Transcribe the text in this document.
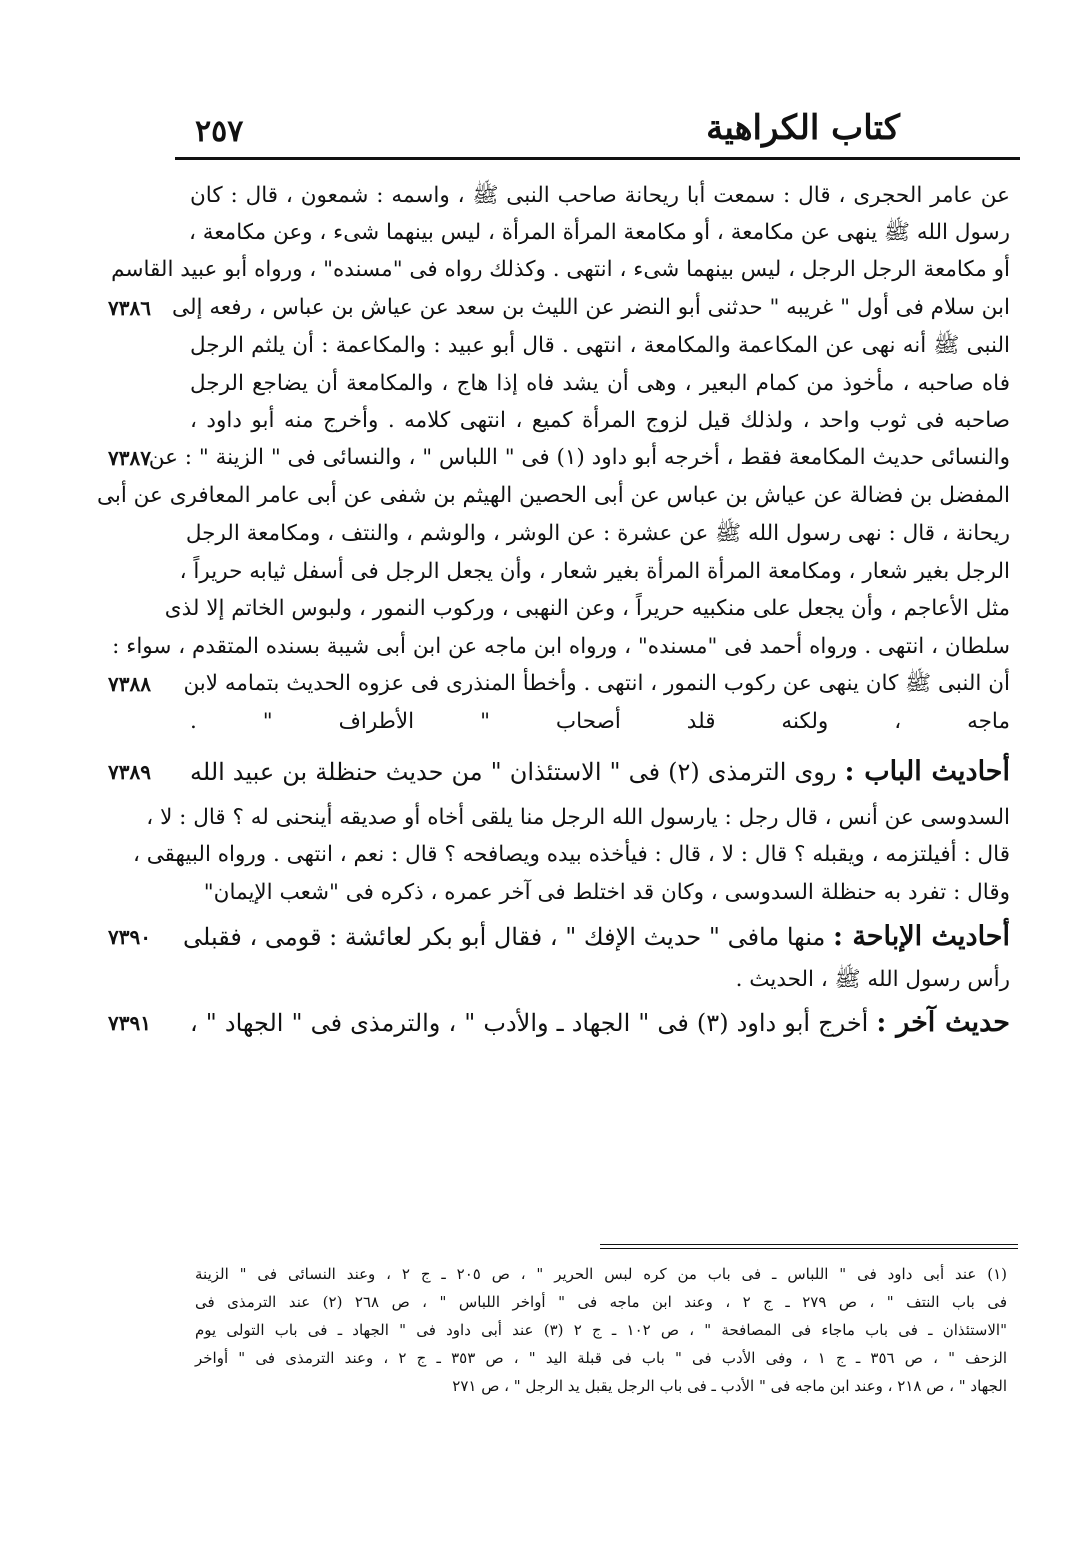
كتاب الكراهية
٢٥٧
عن عامر الحجرى ، قال : سمعت أبا ريحانة صاحب النبى ﷺ ، واسمه : شمعون ، قال : كان
رسول الله ﷺ ينهى عن مكامعة ، أو مكامعة المرأة المرأة ، ليس بينهما شىء ، وعن مكامعة ،
أو مكامعة الرجل الرجل ، ليس بينهما شىء ، انتهى . وكذلك رواه فى "مسنده" ، ورواه أبو عبيد القاسم
ابن سلام فى أول " غريبه " حدثنى أبو النضر عن الليث بن سعد عن عياش بن عباس ، رفعه إلى
النبى ﷺ أنه نهى عن المكاعمة والمكامعة ، انتهى . قال أبو عبيد : والمكاعمة : أن يلثم الرجل
فاه صاحبه ، مأخوذ من كمام البعير ، وهى أن يشد فاه إذا هاج ، والمكامعة أن يضاجع الرجل
صاحبه فى ثوب واحد ، ولذلك قيل لزوج المرأة كميع ، انتهى كلامه . وأخرج منه أبو داود ،
والنسائى حديث المكامعة فقط ، أخرجه أبو داود (١) فى " اللباس " ، والنسائى فى " الزينة " : عن
المفضل بن فضالة عن عياش بن عباس عن أبى الحصين الهيثم بن شفى عن أبى عامر المعافرى عن أبى
ريحانة ، قال : نهى رسول الله ﷺ عن عشرة : عن الوشر ، والوشم ، والنتف ، ومكامعة الرجل
الرجل بغير شعار ، ومكامعة المرأة المرأة بغير شعار ، وأن يجعل الرجل فى أسفل ثيابه حريراً ،
مثل الأعاجم ، وأن يجعل على منكبيه حريراً ، وعن النهبى ، وركوب النمور ، ولبوس الخاتم إلا لذى
سلطان ، انتهى . ورواه أحمد فى "مسنده" ، ورواه ابن ماجه عن ابن أبى شيبة بسنده المتقدم ، سواء :
أن النبى ﷺ كان ينهى عن ركوب النمور ، انتهى . وأخطأ المنذرى فى عزوه الحديث بتمامه لابن
ماجه ، ولكنه قلد أصحاب " الأطراف " .
أحاديث الباب : روى الترمذى (٢) فى " الاستئذان " من حديث حنظلة بن عبيد الله
السدوسى عن أنس ، قال رجل : يارسول الله الرجل منا يلقى أخاه أو صديقه أينحنى له ؟ قال : لا ،
قال : أفيلتزمه ، ويقبله ؟ قال : لا ، قال : فيأخذه بيده ويصافحه ؟ قال : نعم ، انتهى . ورواه البيهقى ،
وقال : تفرد به حنظلة السدوسى ، وكان قد اختلط فى آخر عمره ، ذكره فى "شعب الإيمان"
أحاديث الإباحة : منها مافى " حديث الإفك " ، فقال أبو بكر لعائشة : قومى ، فقبلى
رأس رسول الله ﷺ ، الحديث .
حديث آخر : أخرج أبو داود (٣) فى " الجهاد ـ والأدب " ، والترمذى فى " الجهاد " ،
٧٣٨٦
٧٣٨٧
٧٣٨٨
٧٣٨٩
٧٣٩٠
٧٣٩١
(١) عند أبى داود فى " اللباس ـ فى باب من كره لبس الحرير " ، ص ٢٠٥ ـ ج ٢ ، وعند النسائى فى " الزينة
فى باب النتف " ، ص ٢٧٩ ـ ج ٢ ، وعند ابن ماجه فى " أواخر اللباس " ، ص ٢٦٨ (٢) عند الترمذى فى
"الاستئذان ـ فى باب ماجاء فى المصافحة " ، ص ١٠٢ ـ ج ٢ (٣) عند أبى داود فى " الجهاد ـ فى باب التولى يوم
الزحف " ، ص ٣٥٦ ـ ج ١ ، وفى الأدب فى " باب فى قبلة اليد " ، ص ٣٥٣ ـ ج ٢ ، وعند الترمذى فى " أواخر
الجهاد " ، ص ٢١٨ ، وعند ابن ماجه فى " الأدب ـ فى باب الرجل يقبل يد الرجل " ، ص ٢٧١
